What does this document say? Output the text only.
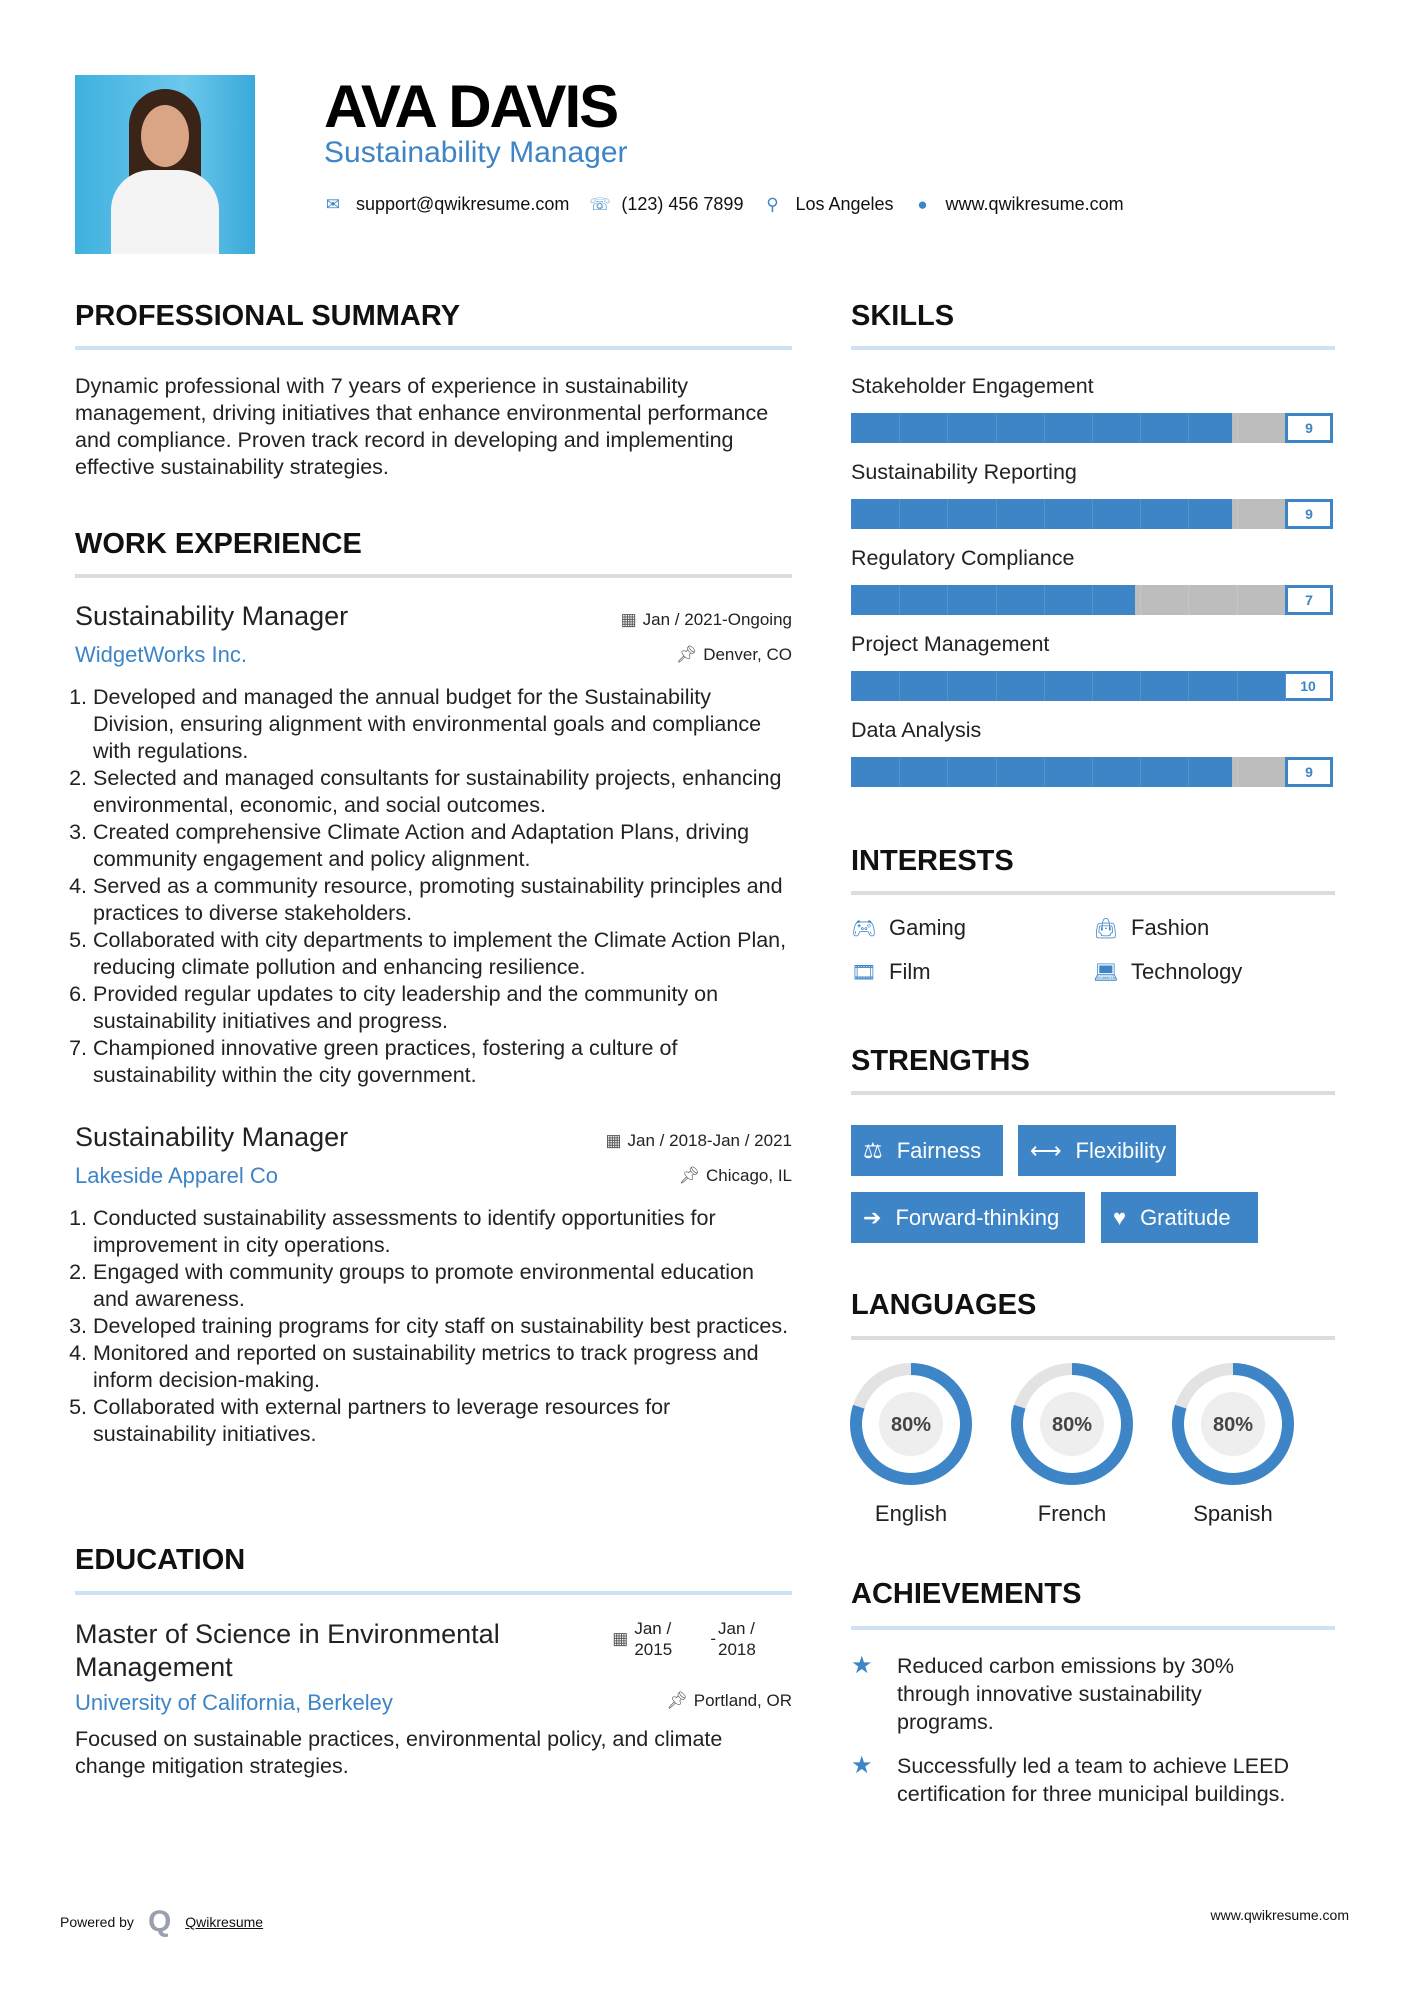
AVA DAVIS
Sustainability Manager
✉ support@qwikresume.com ☏ (123) 456 7899 ⚲ Los Angeles ● www.qwikresume.com
PROFESSIONAL SUMMARY
Dynamic professional with 7 years of experience in sustainability management, driving initiatives that enhance environmental performance and compliance. Proven track record in developing and implementing effective sustainability strategies.
WORK EXPERIENCE
Sustainability Manager	▦ Jan / 2021-Ongoing
WidgetWorks Inc.	📌︎ Denver, CO
1. Developed and managed the annual budget for the Sustainability Division, ensuring alignment with environmental goals and compliance with regulations.
2. Selected and managed consultants for sustainability projects, enhancing environmental, economic, and social outcomes.
3. Created comprehensive Climate Action and Adaptation Plans, driving community engagement and policy alignment.
4. Served as a community resource, promoting sustainability principles and practices to diverse stakeholders.
5. Collaborated with city departments to implement the Climate Action Plan, reducing climate pollution and enhancing resilience.
6. Provided regular updates to city leadership and the community on sustainability initiatives and progress.
7. Championed innovative green practices, fostering a culture of sustainability within the city government.
Sustainability Manager	▦ Jan / 2018-Jan / 2021
Lakeside Apparel Co	📌︎ Chicago, IL
1. Conducted sustainability assessments to identify opportunities for improvement in city operations.
2. Engaged with community groups to promote environmental education and awareness.
3. Developed training programs for city staff on sustainability best practices.
4. Monitored and reported on sustainability metrics to track progress and inform decision-making.
5. Collaborated with external partners to leverage resources for sustainability initiatives.
EDUCATION
Master of Science in Environmental Management
▦
Jan / 2015
-
Jan / 2018
University of California, Berkeley	📌︎ Portland, OR
Focused on sustainable practices, environmental policy, and climate change mitigation strategies.
SKILLS
Stakeholder Engagement
9
Sustainability Reporting
9
Regulatory Compliance
7
Project Management
10
Data Analysis
9
INTERESTS
🎮︎ Gaming	👜︎ Fashion
🎞︎ Film	💻︎ Technology
STRENGTHS
⚖ Fairness ⟷ Flexibility
➔ Forward-thinking ♥ Gratitude
LANGUAGES
80%
English
80%
French
80%
Spanish
ACHIEVEMENTS
★	Reduced carbon emissions by 30% through innovative sustainability programs.
★	Successfully led a team to achieve LEED certification for three municipal buildings.
Powered by Q Qwikresume	www.qwikresume.com
